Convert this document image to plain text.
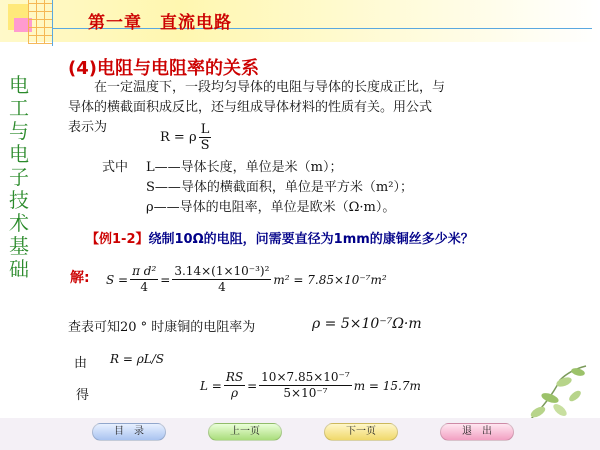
第一章　直流电路
电
工
与
电
子
技
术
基
础
(4)电阻与电阻率的关系

在一定温度下，一段均匀导体的电阻与导体的长度成正比，与

导体的横截面积成反比，还与组成导体材料的性质有关。用公式

表示为

R = ρ $\frac{L}{S}$
式中	L——导体长度，单位是米（m）；
S——导体的横截面积，单位是平方米（m²）；
ρ——导体的电阻率，单位是欧米（Ω·m）。
【例1-2】绕制10Ω的电阻，问需要直径为1mm的康铜丝多少米？
解: $S = \frac{\text{π d²}}{4} = \frac{\text{3.14×(1×10⁻³)²}}{4} m^2 = 7.85\times 10^{-7}m^2$
查表可知20 ° 时康铜的电阻率为	ρ = 5×10⁻⁷Ω·m
由 R = ρL/S
得
$L = \frac{RS}{\rho} = \frac{\text{10×7.85×10⁻⁷}}{\text{5×10⁻⁷}}$ m = 15.7m
目　录	上一页	下一页	退　出
